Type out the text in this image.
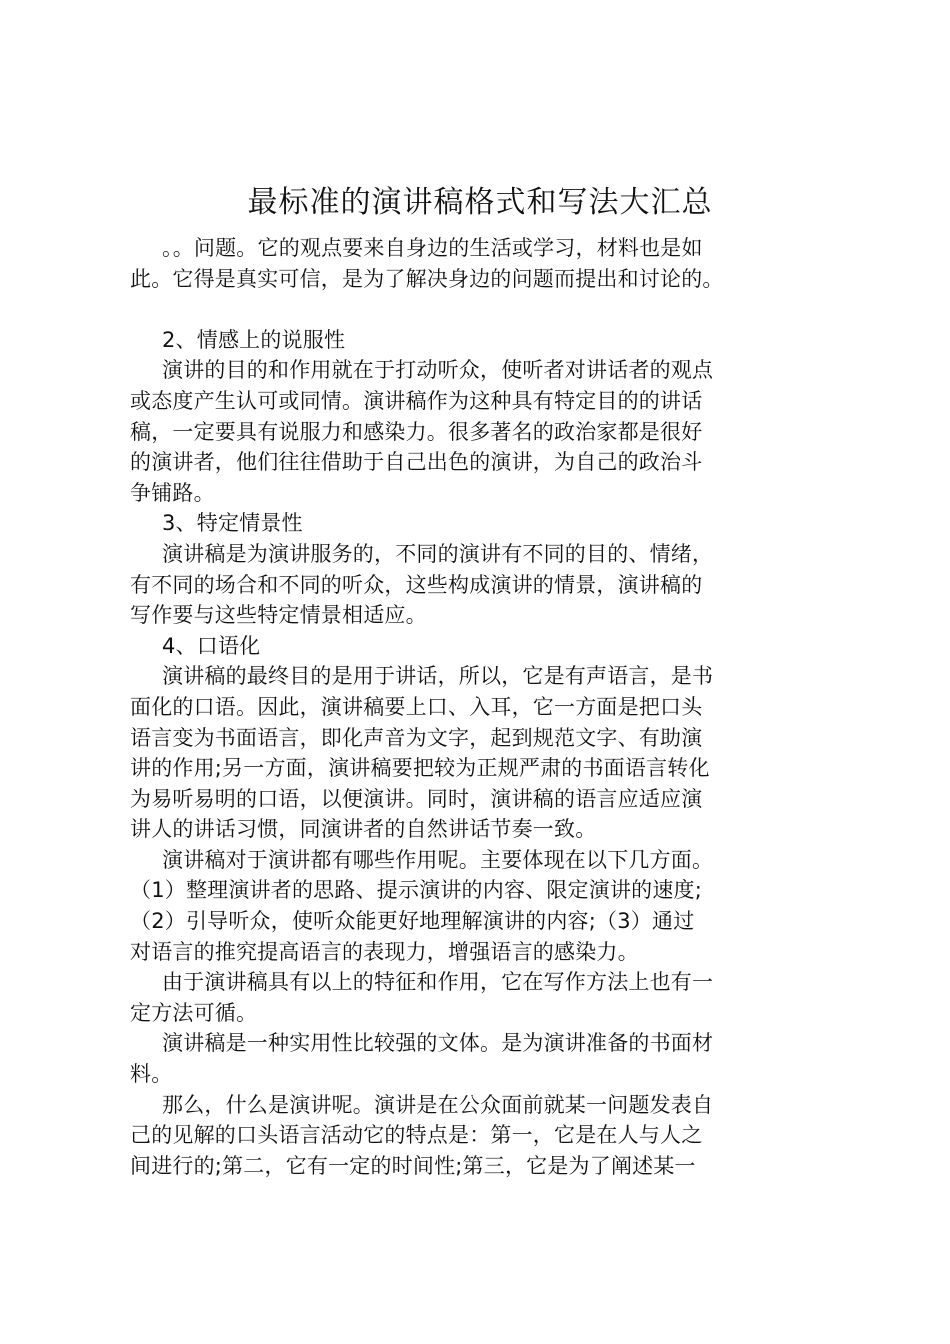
最标准的演讲稿格式和写法大汇总
。。问题。它的观点要来自身边的生活或学习，材料也是如
此。它得是真实可信，是为了解决身边的问题而提出和讨论的。
2、情感上的说服性
演讲的目的和作用就在于打动听众，使听者对讲话者的观点
或态度产生认可或同情。演讲稿作为这种具有特定目的的讲话
稿，一定要具有说服力和感染力。很多著名的政治家都是很好
的演讲者，他们往往借助于自己出色的演讲，为自己的政治斗
争铺路。
3、特定情景性
演讲稿是为演讲服务的，不同的演讲有不同的目的、情绪，
有不同的场合和不同的听众，这些构成演讲的情景，演讲稿的
写作要与这些特定情景相适应。
4、口语化
演讲稿的最终目的是用于讲话，所以，它是有声语言，是书
面化的口语。因此，演讲稿要上口、入耳，它一方面是把口头
语言变为书面语言，即化声音为文字，起到规范文字、有助演
讲的作用;另一方面，演讲稿要把较为正规严肃的书面语言转化
为易听易明的口语，以便演讲。同时，演讲稿的语言应适应演
讲人的讲话习惯，同演讲者的自然讲话节奏一致。
演讲稿对于演讲都有哪些作用呢。主要体现在以下几方面。
（1）整理演讲者的思路、提示演讲的内容、限定演讲的速度;
（2）引导听众，使听众能更好地理解演讲的内容;（3）通过
对语言的推究提高语言的表现力，增强语言的感染力。
由于演讲稿具有以上的特征和作用，它在写作方法上也有一
定方法可循。
演讲稿是一种实用性比较强的文体。是为演讲准备的书面材
料。
那么，什么是演讲呢。演讲是在公众面前就某一问题发表自
己的见解的口头语言活动它的特点是：第一，它是在人与人之
间进行的;第二，它有一定的时间性;第三，它是为了阐述某一
